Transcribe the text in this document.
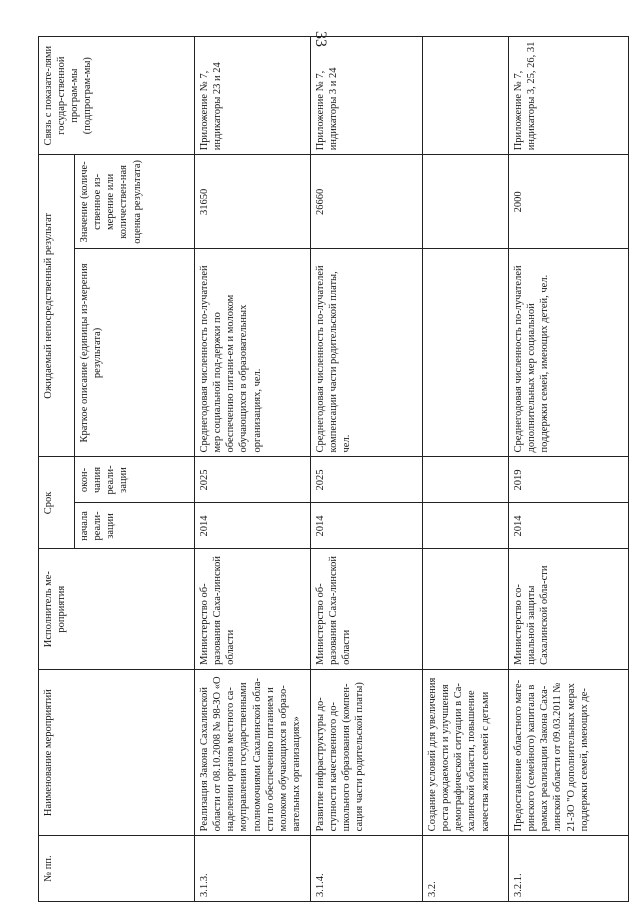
33
№ пп.	Наименование мероприятий	Исполнитель ме-роприятия	Срок		Ожидаемый непосредственный результат		Связь с показате-лями государ-ственной програм-мы (подпрограм-мы)
			начала реали-зации	окон-чания реали-зации	Краткое описание (единицы из-мерения результата)	Значение (количе-ственное из-мерение или количествен-ная оценка результата)	
3.1.3.	Реализация Закона Сахалинской области от 08.10.2008 № 98-ЗО «О наделении органов местного са-моуправления государственными полномочиями Сахалинской обла-сти по обеспечению питанием и молоком обучающихся в образо-вательных организациях»	Министерство об-разования Саха-линской области	2014	2025	Среднегодовая численность по-лучателей мер социальной под-держки по обеспечению питани-ем и молоком обучающихся в образовательных организациях, чел.	31650	Приложение № 7, индикаторы 23 и 24
3.1.4.	Развитие инфраструктуры до-ступности качественного до-школьного образования (компен-сация части родительской платы)	Министерство об-разования Саха-линской области	2014	2025	Среднегодовая численность по-лучателей компенсации части родительской платы, чел.	26660	Приложение № 7, индикаторы 3 и 24
3.2.	Создание условий для увеличения роста рождаемости и улучшения демографической ситуации в Са-халинской области, повышение качества жизни семей с детьми						
3.2.1.	Предоставление областного мате-ринского (семейного) капитала в рамках реализации Закона Саха-линской области от 09.03.2011 № 21-ЗО "О дополнительных мерах поддержки семей, имеющих де-	Министерство со-циальной защиты Сахалинской обла-сти	2014	2019	Среднегодовая численность по-лучателей дополнительных мер социальной поддержки семей, имеющих детей, чел.	2000	Приложение № 7, индикаторы 3, 25, 26, 31
